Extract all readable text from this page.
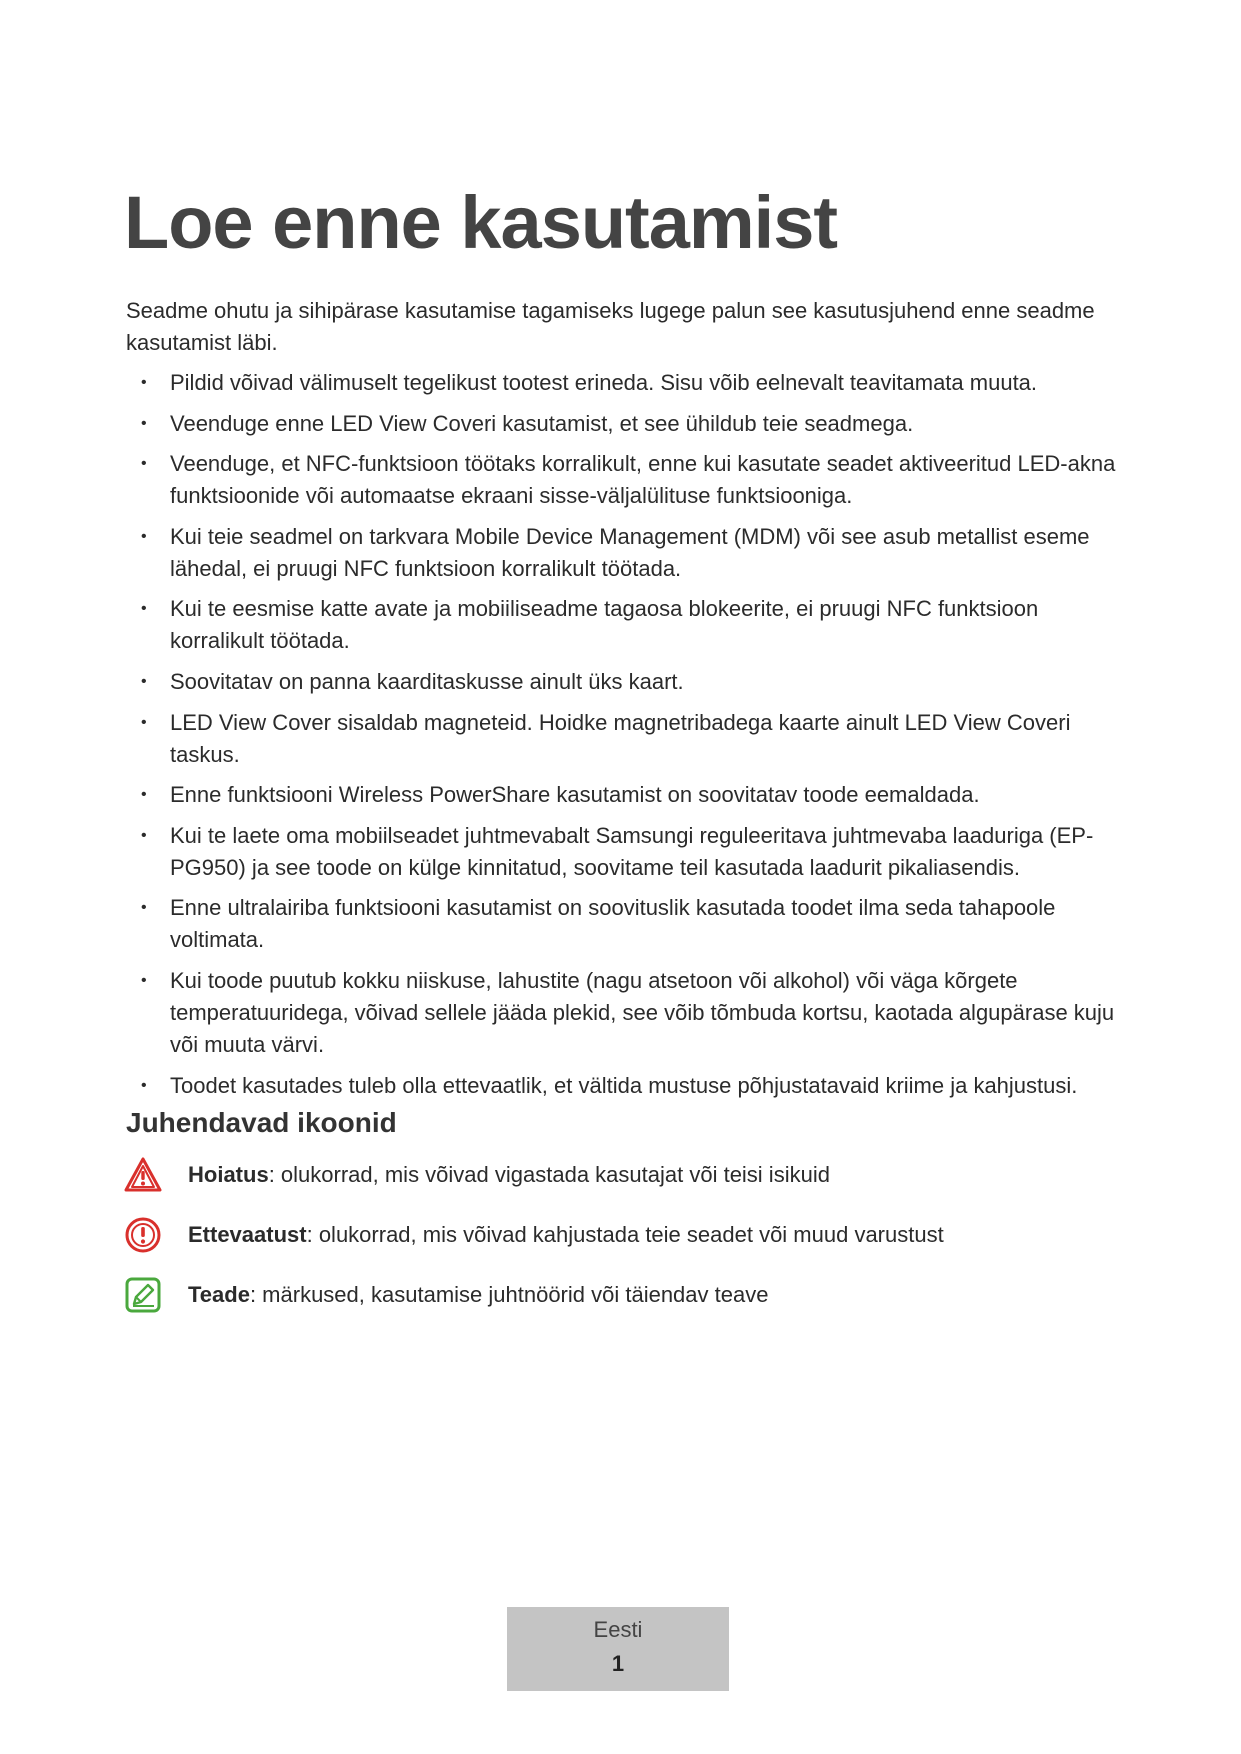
Loe enne kasutamist

Seadme ohutu ja sihipärase kasutamise tagamiseks lugege palun see kasutusjuhend enne seadme kasutamist läbi.

• Pildid võivad välimuselt tegelikust tootest erineda. Sisu võib eelnevalt teavitamata muuta.
• Veenduge enne LED View Coveri kasutamist, et see ühildub teie seadmega.
• Veenduge, et NFC-funktsioon töötaks korralikult, enne kui kasutate seadet aktiveeritud LED-akna funktsioonide või automaatse ekraani sisse-väljalülituse funktsiooniga.
• Kui teie seadmel on tarkvara Mobile Device Management (MDM) või see asub metallist eseme lähedal, ei pruugi NFC funktsioon korralikult töötada.
• Kui te eesmise katte avate ja mobiiliseadme tagaosa blokeerite, ei pruugi NFC funktsioon korralikult töötada.
• Soovitatav on panna kaarditaskusse ainult üks kaart.
• LED View Cover sisaldab magneteid. Hoidke magnetribadega kaarte ainult LED View Coveri taskus.
• Enne funktsiooni Wireless PowerShare kasutamist on soovitatav toode eemaldada.
• Kui te laete oma mobiilseadet juhtmevabalt Samsungi reguleeritava juhtmevaba laaduriga (EP-PG950) ja see toode on külge kinnitatud, soovitame teil kasutada laadurit pikaliasendis.
• Enne ultralairiba funktsiooni kasutamist on soovituslik kasutada toodet ilma seda tahapoole voltimata.
• Kui toode puutub kokku niiskuse, lahustite (nagu atsetoon või alkohol) või väga kõrgete temperatuuridega, võivad sellele jääda plekid, see võib tõmbuda kortsu, kaotada algupärase kuju või muuta värvi.
• Toodet kasutades tuleb olla ettevaatlik, et vältida mustuse põhjustatavaid kriime ja kahjustusi.
Juhendavad ikoonid
Hoiatus: olukorrad, mis võivad vigastada kasutajat või teisi isikuid
Ettevaatust: olukorrad, mis võivad kahjustada teie seadet või muud varustust
Teade: märkused, kasutamise juhtnöörid või täiendav teave
Eesti
1
